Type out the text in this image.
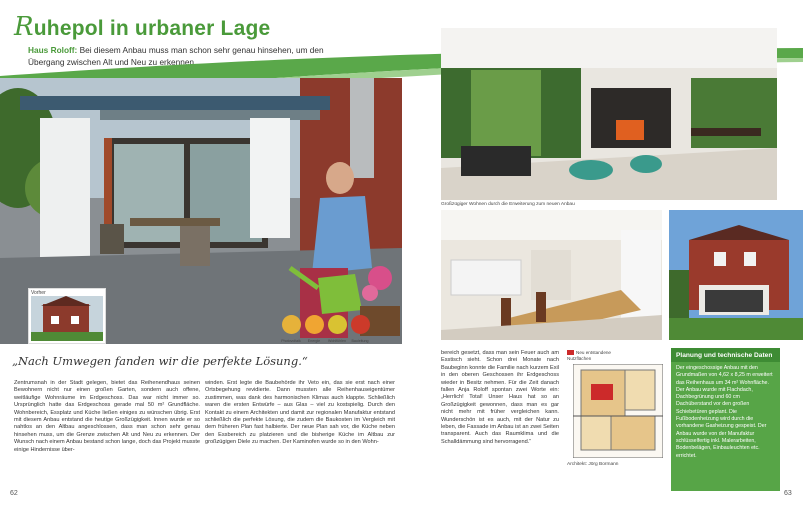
Ruhepol in urbaner Lage
Haus Roloff: Bei diesem Anbau muss man schon sehr genau hinsehen, um den Übergang zwischen Alt und Neu zu erkennen.
Vorher
Photovoltaik	Energie	Wohlfühlen	Bauleitung
„Nach Umwegen fanden wir die perfekte Lösung.“
Zentrumsnah in der Stadt gelegen, bietet das Reihenendhaus seinen Bewohnern nicht nur einen großen Garten, sondern auch offene, weitläufige Wohnräume im Erdgeschoss. Das war nicht immer so. Ursprünglich hatte das Erdgeschoss gerade mal 50 m² Grundfläche. Wohnbereich, Essplatz und Küche ließen einiges zu wünschen übrig. Erst mit diesem Anbau entstand die heutige Großzügigkeit. Innen wurde er so nahtlos an den Altbau angeschlossen, dass man schon sehr genau hinsehen muss, um die Grenze zwischen Alt und Neu zu erkennen. Der Wunsch nach einem Anbau bestand schon lange, doch das Projekt musste einige Hindernisse über-
winden. Erst legte die Baubehörde ihr Veto ein, das sie erst nach einer Ortsbegehung revidierte. Dann mussten alle Reihenhauseigentümer zustimmen, was dank des harmonischen Klimas auch klappte. Schließlich waren die ersten Entwürfe – aus Glas – viel zu kostspielig. Durch den Kontakt zu einem Architekten und damit zur regionalen Manufaktur entstand schließlich die perfekte Lösung, die zudem die Baukosten im Vergleich mit dem früheren Plan fast halbierte. Der neue Plan sah vor, die Küche neben den Essbereich zu platzieren und die bisherige Küche im Altbau zur großzügigen Diele zu machen. Der Kaminofen wurde so in den Wohn-
62
Großzügiger Wohnen durch die Erweiterung zum neuen Anbau
Neu entstandene Nutzflächen
Architekt: Jörg Bormann
bereich gesetzt, dass man sein Feuer auch am Esstisch sieht. Schon drei Monate nach Baubeginn konnte die Familie nach kurzem Exil in den oberen Geschossen ihr Erdgeschoss wieder in Besitz nehmen. Für die Zeit danach fallen Anja Roloff spontan zwei Worte ein: „Herrlich! Total! Unser Haus hat so an Großzügigkeit gewonnen, dass man es gar nicht mehr mit früher vergleichen kann. Wunderschön ist es auch, mit der Natur zu leben, die Fassade im Anbau ist an zwei Seiten transparent. Auch das Raumklima und die Schalldämmung sind hervorragend.“
Planung und technische Daten

Der eingeschossige Anbau mit den Grundmaßen von 4,62 x 8,25 m erweitert das Reihenhaus um 34 m² Wohnfläche. Der Anbau wurde mit Flachdach, Dachbegrünung und 60 cm Dachüberstand vor den großen Schiebetüren geplant. Die Fußbodenheizung wird durch die vorhandene Gasheizung gespeist. Der Anbau wurde von der Manufaktur schlüsselfertig inkl. Malerarbeiten, Bodenbelägen, Einbauleuchten etc. errichtet.

63
